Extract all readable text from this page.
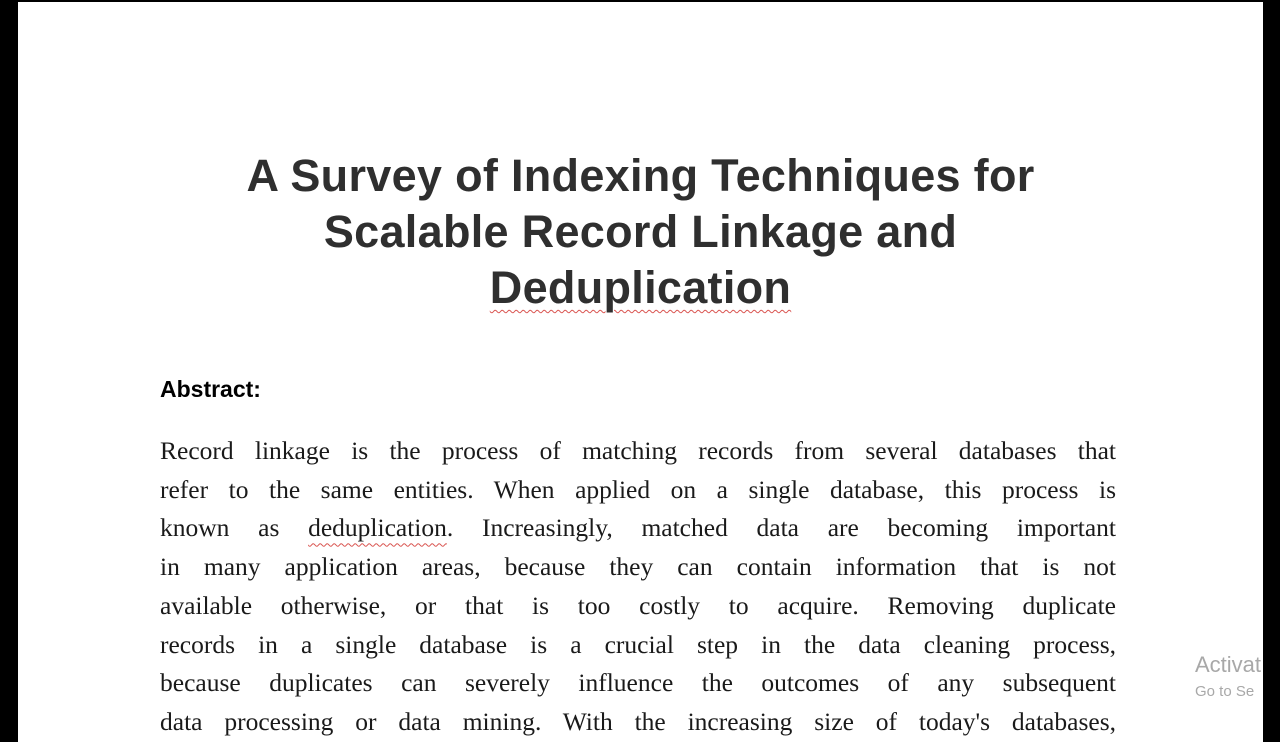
A Survey of Indexing Techniques for
Scalable Record Linkage and
Deduplication
Abstract:

Record linkage is the process of matching records from several databases that
refer to the same entities. When applied on a single database, this process is
known as deduplication. Increasingly, matched data are becoming important
in many application areas, because they can contain information that is not
available otherwise, or that is too costly to acquire. Removing duplicate
records in a single database is a crucial step in the data cleaning process,
because duplicates can severely influence the outcomes of any subsequent
data processing or data mining. With the increasing size of today's databases,

Activat
Go to Se
